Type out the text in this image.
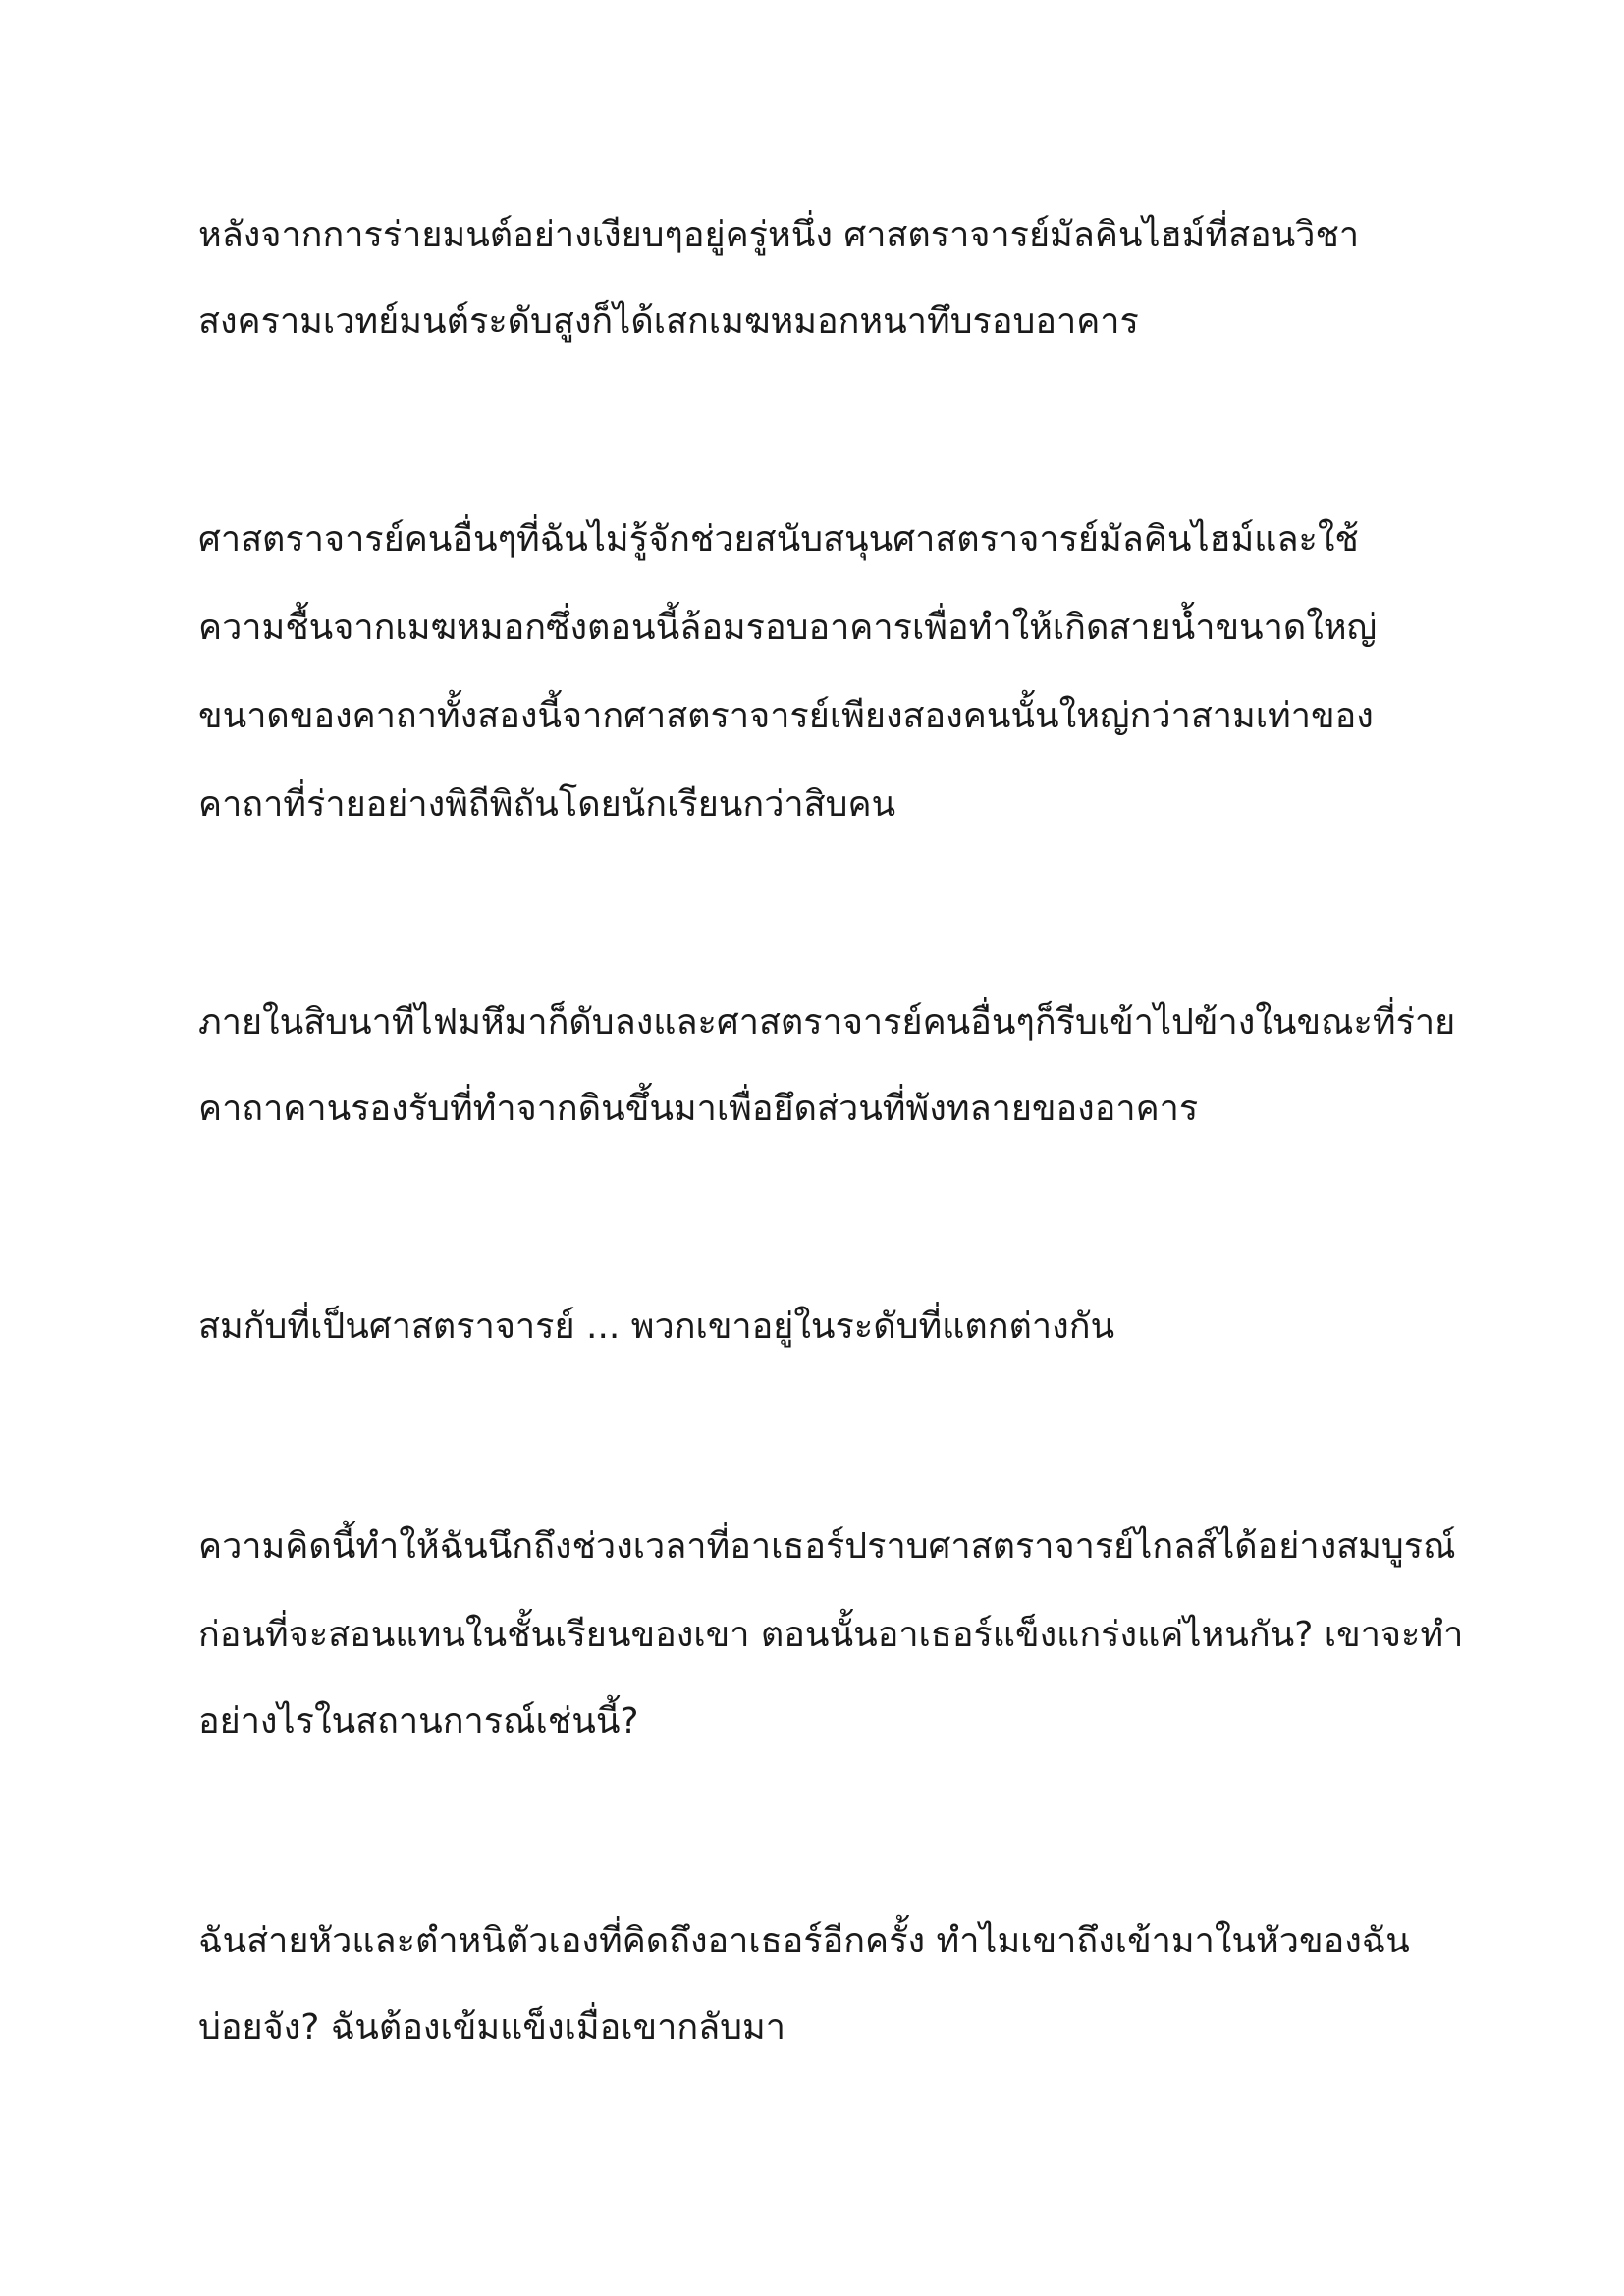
หลังจากการร่ายมนต์อย่างเงียบๆอยู่ครู่หนึ่ง ศาสตราจารย์มัลคินไฮม์ที่สอนวิชา

สงครามเวทย์มนต์ระดับสูงก็ได้เสกเมฆหมอกหนาทึบรอบอาคาร

ศาสตราจารย์คนอื่นๆที่ฉันไม่รู้จักช่วยสนับสนุนศาสตราจารย์มัลคินไฮม์และใช้

ความชื้นจากเมฆหมอกซึ่งตอนนี้ล้อมรอบอาคารเพื่อทำให้เกิดสายน้ำขนาดใหญ่

ขนาดของคาถาทั้งสองนี้จากศาสตราจารย์เพียงสองคนนั้นใหญ่กว่าสามเท่าของ

คาถาที่ร่ายอย่างพิถีพิถันโดยนักเรียนกว่าสิบคน

ภายในสิบนาทีไฟมหึมาก็ดับลงและศาสตราจารย์คนอื่นๆก็รีบเข้าไปข้างในขณะที่ร่าย

คาถาคานรองรับที่ทำจากดินขึ้นมาเพื่อยึดส่วนที่พังทลายของอาคาร

สมกับที่เป็นศาสตราจารย์ ... พวกเขาอยู่ในระดับที่แตกต่างกัน

ความคิดนี้ทำให้ฉันนึกถึงช่วงเวลาที่อาเธอร์ปราบศาสตราจารย์ไกลส์ได้อย่างสมบูรณ์

ก่อนที่จะสอนแทนในชั้นเรียนของเขา ตอนนั้นอาเธอร์แข็งแกร่งแค่ไหนกัน? เขาจะทำ

อย่างไรในสถานการณ์เช่นนี้?

ฉันส่ายหัวและตำหนิตัวเองที่คิดถึงอาเธอร์อีกครั้ง ทำไมเขาถึงเข้ามาในหัวของฉัน

บ่อยจัง? ฉันต้องเข้มแข็งเมื่อเขากลับมา
